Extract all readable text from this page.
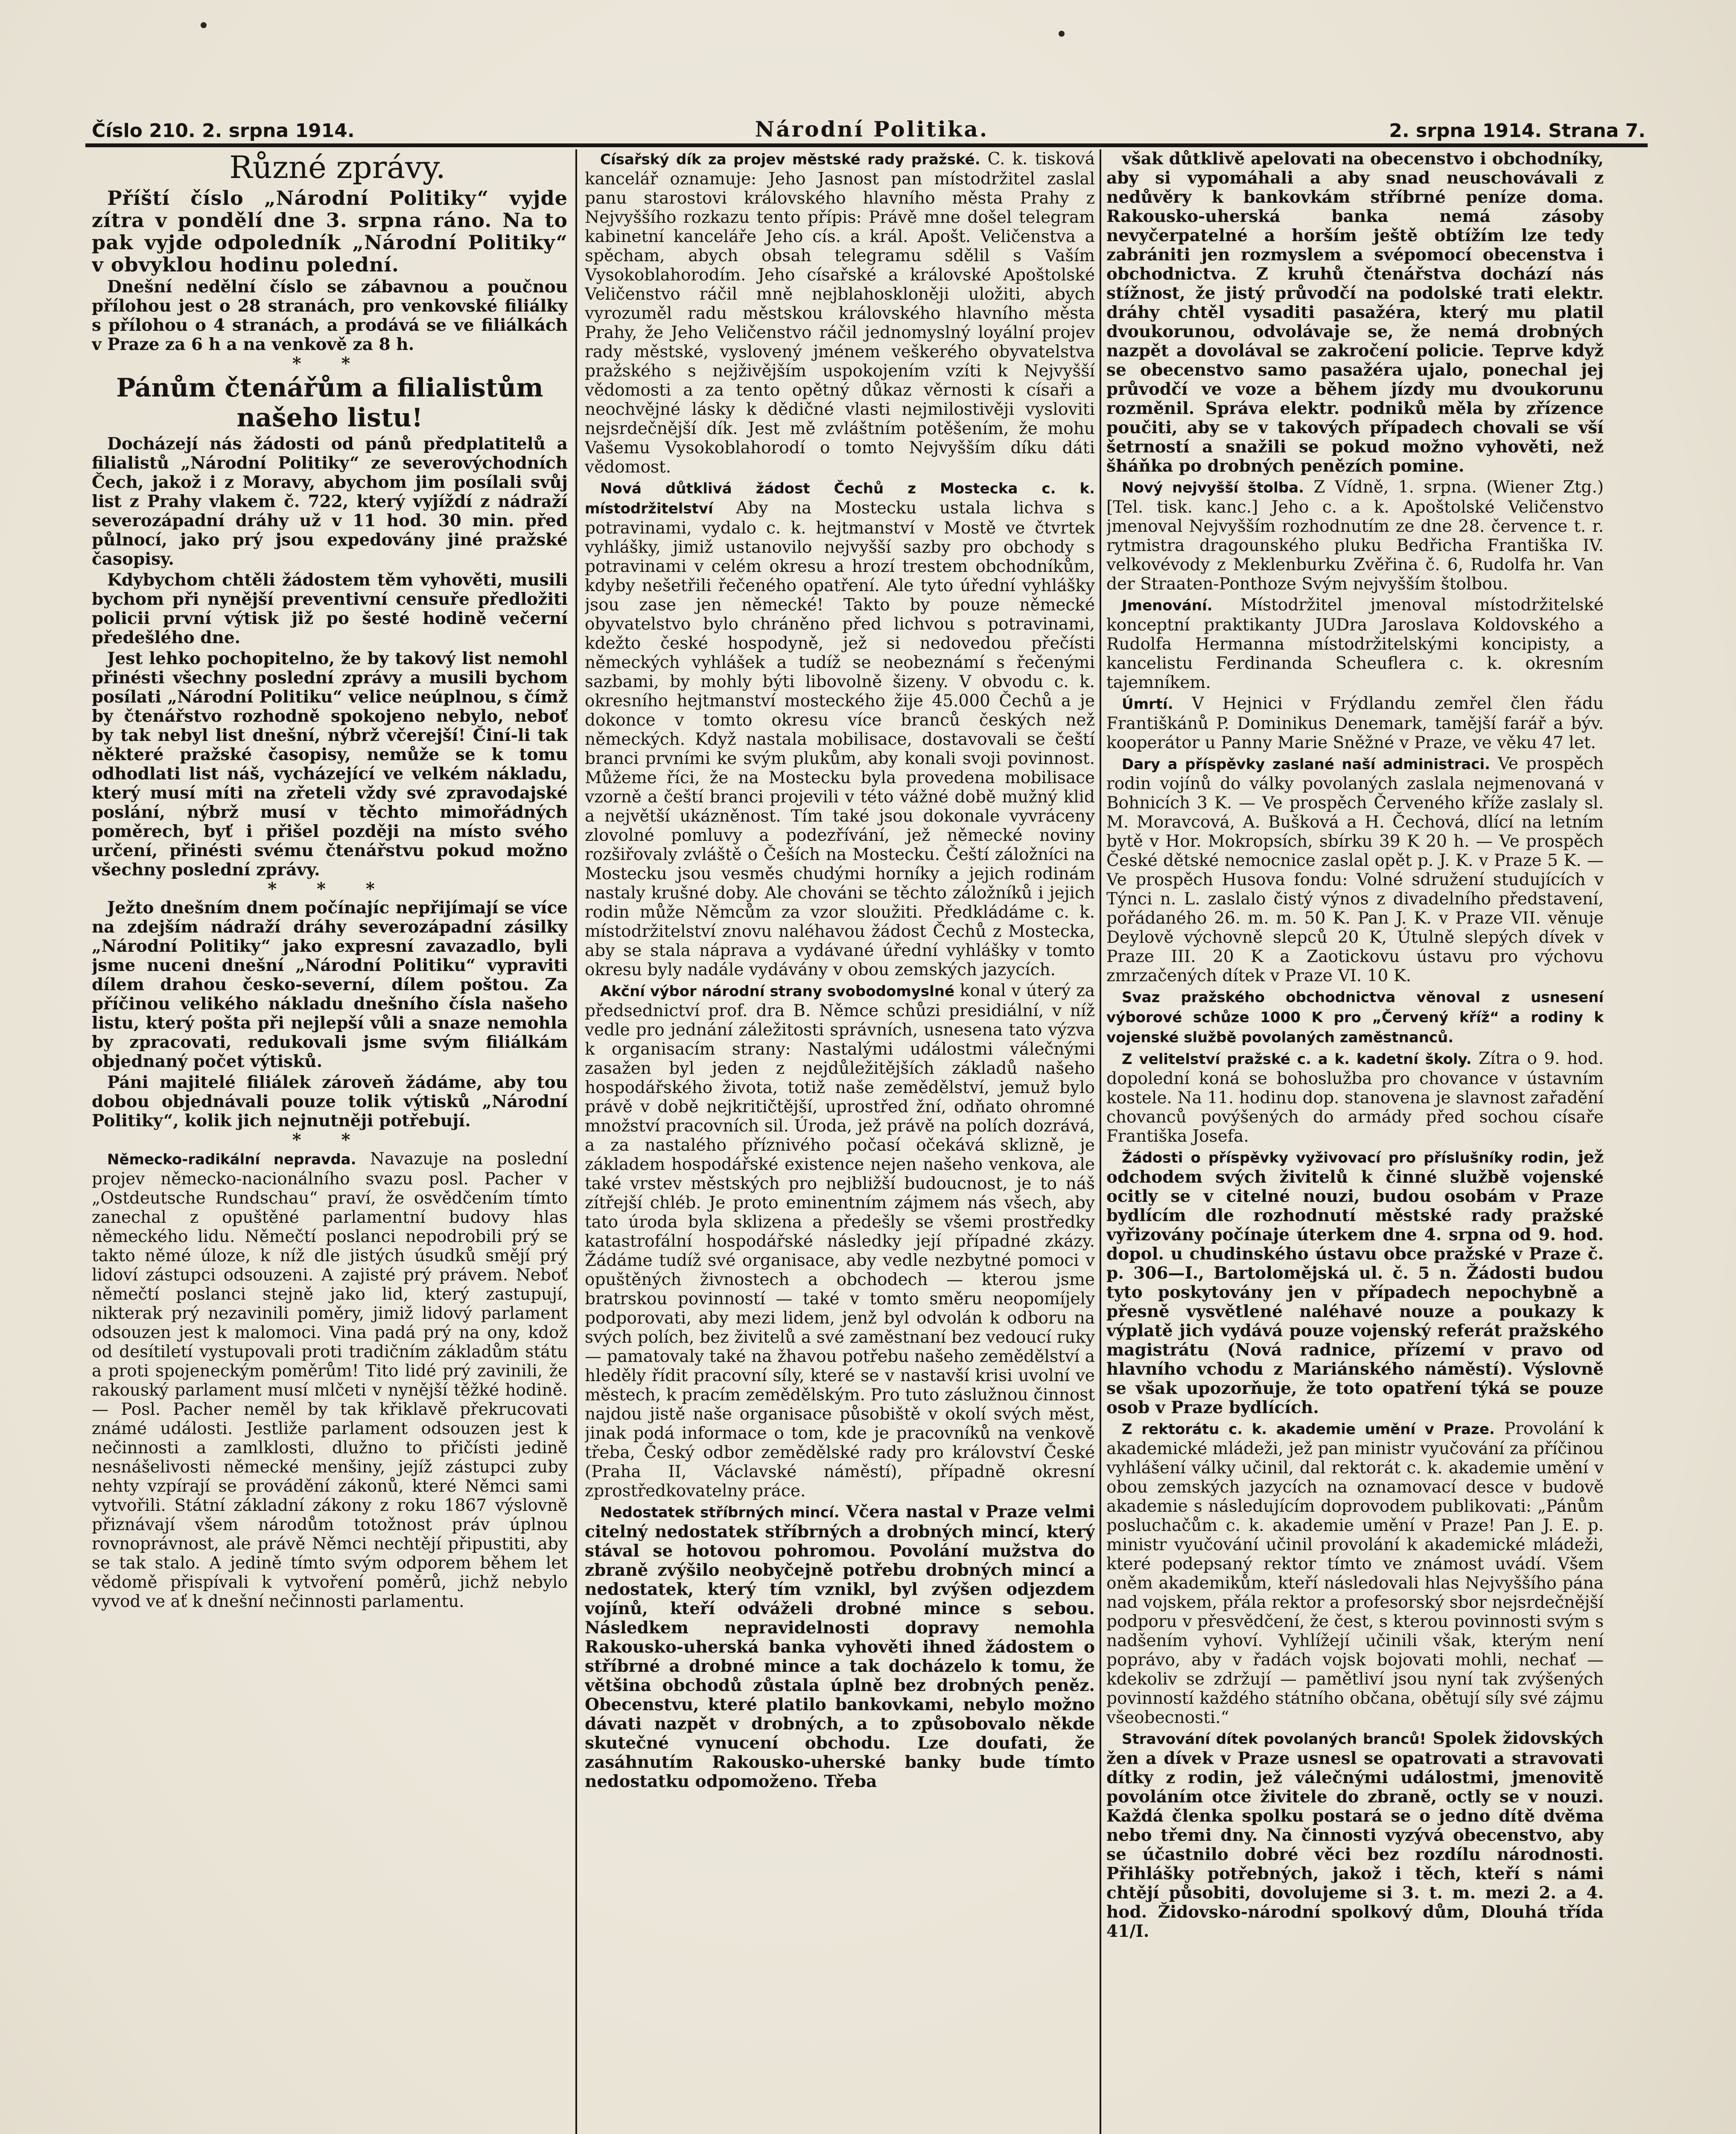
Číslo 210. 2. srpna 1914.	Národní Politika.	2. srpna 1914. Strana 7.

Různé zprávy.

Příští číslo „Národní Politiky“ vyjde zítra v pondělí dne 3. srpna ráno. Na to pak vyjde odpoledník „Národní Politiky“ v obvyklou hodinu polední.

Dnešní nedělní číslo se zábavnou a poučnou přílohou jest o 28 stranách, pro venkovské filiálky s přílohou o 4 stranách, a prodává se ve filiálkách v Praze za 6 h a na venkově za 8 h.

* *

Pánům čtenářům a filialistům našeho listu!

Docházejí nás žádosti od pánů předplatitelů a filialistů „Národní Politiky“ ze severovýchodních Čech, jakož i z Moravy, abychom jim posílali svůj list z Prahy vlakem č. 722, který vyjíždí z nádraží severozápadní dráhy už v 11 hod. 30 min. před půlnocí, jako prý jsou expedovány jiné pražské časopisy.

Kdybychom chtěli žádostem těm vyhověti, musili bychom při nynější preventivní censuře předložiti policii první výtisk již po šesté hodině večerní předešlého dne.

Jest lehko pochopitelno, že by takový list nemohl přinésti všechny poslední zprávy a musili bychom posílati „Národní Politiku“ velice neúplnou, s čímž by čtenářstvo rozhodně spokojeno nebylo, neboť by tak nebyl list dnešní, nýbrž včerejší! Činí-li tak některé pražské časopisy, nemůže se k tomu odhodlati list náš, vycházející ve velkém nákladu, který musí míti na zřeteli vždy své zpravodajské poslání, nýbrž musí v těchto mimořádných poměrech, byť i přišel později na místo svého určení, přinésti svému čtenářstvu pokud možno všechny poslední zprávy.

* * *

Ježto dnešním dnem počínajíc nepřijímají se více na zdejším nádraží dráhy severozápadní zásilky „Národní Politiky“ jako expresní zavazadlo, byli jsme nuceni dnešní „Národní Politiku“ vypraviti dílem drahou česko-severní, dílem poštou. Za příčinou velikého nákladu dnešního čísla našeho listu, který pošta při nejlepší vůli a snaze nemohla by zpracovati, redukovali jsme svým filiálkám objednaný počet výtisků.

Páni majitelé filiálek zároveň žádáme, aby tou dobou objednávali pouze tolik výtisků „Národní Politiky“, kolik jich nejnutněji potřebují.

* *

Německo-radikální nepravda. Navazuje na poslední projev německo-nacionálního svazu posl. Pacher v „Ostdeutsche Rundschau“ praví, že osvědčením tímto zanechal z opuštěné parlamentní budovy hlas německého lidu. Němečtí poslanci nepodrobili prý se takto němé úloze, k níž dle jistých úsudků smějí prý lidoví zástupci odsouzeni. A zajisté prý právem. Neboť němečtí poslanci stejně jako lid, který zastupují, nikterak prý nezavinili poměry, jimiž lidový parlament odsouzen jest k malomoci. Vina padá prý na ony, kdož od desítiletí vystupovali proti tradičním základům státu a proti spojeneckým poměrům! Tito lidé prý zavinili, že rakouský parlament musí mlčeti v nynější těžké hodině. — Posl. Pacher neměl by tak křiklavě překrucovati známé události. Jestliže parlament odsouzen jest k nečinnosti a zamlklosti, dlužno to přičísti jedině nesnášelivosti německé menšiny, jejíž zástupci zuby nehty vzpírají se provádění zákonů, které Němci sami vytvořili. Státní základní zákony z roku 1867 výslovně přiznávají všem národům totožnost práv úplnou rovnoprávnost, ale právě Němci nechtějí připustiti, aby se tak stalo. A jedině tímto svým odporem během let vědomě přispívali k vytvoření poměrů, jichž nebylo vyvod ve ať k dnešní nečinnosti parlamentu.

Císařský dík za projev městské rady pražské. C. k. tisková kancelář oznamuje: Jeho Jasnost pan místodržitel zaslal panu starostovi královského hlavního města Prahy z Nejvyššího rozkazu tento přípis: Právě mne došel telegram kabinetní kanceláře Jeho cís. a král. Apošt. Veličenstva a spěcham, abych obsah telegramu sdělil s Vaším Vysokoblahorodím. Jeho císařské a královské Apoštolské Veličenstvo ráčil mně nejblahoskloněji uložiti, abych vyrozuměl radu městskou královského hlavního města Prahy, že Jeho Veličenstvo ráčil jednomyslný loyální projev rady městské, vyslovený jménem veškerého obyvatelstva pražského s nejživějším uspokojením vzíti k Nejvyšší vědomosti a za tento opětný důkaz věrnosti k císaři a neochvějné lásky k dědičné vlasti nejmilostivěji vysloviti nejsrdečnější dík. Jest mě zvláštním potěšením, že mohu Vašemu Vysokoblahorodí o tomto Nejvyšším díku dáti vědomost.

Nová důtklivá žádost Čechů z Mostecka c. k. místodržitelství Aby na Mostecku ustala lichva s potravinami, vydalo c. k. hejtmanství v Mostě ve čtvrtek vyhlášky, jimiž ustanovilo nejvyšší sazby pro obchody s potravinami v celém okresu a hrozí trestem obchodníkům, kdyby nešetřili řečeného opatření. Ale tyto úřední vyhlášky jsou zase jen německé! Takto by pouze německé obyvatelstvo bylo chráněno před lichvou s potravinami, kdežto české hospodyně, jež si nedovedou přečísti německých vyhlášek a tudíž se neobeznámí s řečenými sazbami, by mohly býti libovolně šizeny. V obvodu c. k. okresního hejtmanství mosteckého žije 45.000 Čechů a je dokonce v tomto okresu více branců českých než německých. Když nastala mobilisace, dostavovali se čeští branci prvními ke svým plukům, aby konali svoji povinnost. Můžeme říci, že na Mostecku byla provedena mobilisace vzorně a čeští branci projevili v této vážné době mužný klid a největší ukázněnost. Tím také jsou dokonale vyvráceny zlovolné pomluvy a podezřívání, jež německé noviny rozšiřovaly zvláště o Češích na Mostecku. Čeští záložníci na Mostecku jsou vesměs chudými horníky a jejich rodinám nastaly krušné doby. Ale chováni se těchto záložníků i jejich rodin může Němcům za vzor sloužiti. Předkládáme c. k. místodržitelství znovu naléhavou žádost Čechů z Mostecka, aby se stala náprava a vydávané úřední vyhlášky v tomto okresu byly nadále vydávány v obou zemských jazycích.

Akční výbor národní strany svobodomyslné konal v úterý za předsednictví prof. dra B. Němce schůzi presidiální, v níž vedle pro jednání záležitosti správních, usnesena tato výzva k organisacím strany: Nastalými událostmi válečnými zasažen byl jeden z nejdůležitějších základů našeho hospodářského života, totiž naše zemědělství, jemuž bylo právě v době nejkritičtější, uprostřed žní, odňato ohromné množství pracovních sil. Úroda, jež právě na polích dozrává, a za nastalého příznivého počasí očekává sklizně, je základem hospodářské existence nejen našeho venkova, ale také vrstev městských pro nejbližší budoucnost, je to náš zítřejší chléb. Je proto eminentním zájmem nás všech, aby tato úroda byla sklizena a předešly se všemi prostředky katastrofální hospodářské následky její případné zkázy. Žádáme tudíž své organisace, aby vedle nezbytné pomoci v opuštěných živnostech a obchodech — kterou jsme bratrskou povinností — také v tomto směru neopomíjely podporovati, aby mezi lidem, jenž byl odvolán k odboru na svých polích, bez živitelů a své zaměstnaní bez vedoucí ruky — pamatovaly také na žhavou potřebu našeho zemědělství a hleděly řídit pracovní síly, které se v nastavší krisi uvolní ve městech, k pracím zemědělským. Pro tuto záslužnou činnost najdou jistě naše organisace působiště v okolí svých měst, jinak podá informace o tom, kde je pracovníků na venkově třeba, Český odbor zemědělské rady pro království České (Praha II, Václavské náměstí), případně okresní zprostředkovatelny práce.

Nedostatek stříbrných mincí. Včera nastal v Praze velmi citelný nedostatek stříbrných a drobných mincí, který stával se hotovou pohromou. Povolání mužstva do zbraně zvýšilo neobyčejně potřebu drobných mincí a nedostatek, který tím vznikl, byl zvýšen odjezdem vojínů, kteří odváželi drobné mince s sebou. Následkem nepravidelnosti dopravy nemohla Rakousko-uherská banka vyhověti ihned žádostem o stříbrné a drobné mince a tak docházelo k tomu, že většina obchodů zůstala úplně bez drobných peněz. Obecenstvu, které platilo bankovkami, nebylo možno dávati nazpět v drobných, a to způsobovalo někde skutečné vynucení obchodu. Lze doufati, že zasáhnutím Rakousko-uherské banky bude tímto nedostatku odpomoženo. Třeba

však důtklivě apelovati na obecenstvo i obchodníky, aby si vypomáhali a aby snad neuschovávali z nedůvěry k bankovkám stříbrné peníze doma. Rakousko-uherská banka nemá zásoby nevyčerpatelné a horším ještě obtížím lze tedy zabrániti jen rozmyslem a svépomocí obecenstva i obchodnictva. Z kruhů čtenářstva dochází nás stížnost, že jistý průvodčí na podolské trati elektr. dráhy chtěl vysaditi pasažéra, který mu platil dvoukorunou, odvolávaje se, že nemá drobných nazpět a dovolával se zakročení policie. Teprve když se obecenstvo samo pasažéra ujalo, ponechal jej průvodčí ve voze a během jízdy mu dvoukorunu rozměnil. Správa elektr. podniků měla by zřízence poučiti, aby se v takových případech chovali se vší šetrností a snažili se pokud možno vyhověti, než šháňka po drobných penězích pomine.

Nový nejvyšší štolba. Z Vídně, 1. srpna. (Wiener Ztg.) [Tel. tisk. kanc.] Jeho c. a k. Apoštolské Veličenstvo jmenoval Nejvyšším rozhodnutím ze dne 28. července t. r. rytmistra dragounského pluku Bedřicha Františka IV. velkovévody z Meklenburku Zvěřina č. 6, Rudolfa hr. Van der Straaten-Ponthoze Svým nejvyšším štolbou.

Jmenování. Místodržitel jmenoval místodržitelské konceptní praktikanty JUDra Jaroslava Koldovského a Rudolfa Hermanna místodržitelskými koncipisty, a kancelistu Ferdinanda Scheuflera c. k. okresním tajemníkem.

Úmrtí. V Hejnici v Frýdlandu zemřel člen řádu Františkánů P. Dominikus Denemark, tamější farář a býv. kooperátor u Panny Marie Sněžné v Praze, ve věku 47 let.

Dary a příspěvky zaslané naší administraci. Ve prospěch rodin vojínů do války povolaných zaslala nejmenovaná v Bohnicích 3 K. — Ve prospěch Červeného kříže zaslaly sl. M. Moravcová, A. Bušková a H. Čechová, dlící na letním bytě v Hor. Mokropsích, sbírku 39 K 20 h. — Ve prospěch České dětské nemocnice zaslal opět p. J. K. v Praze 5 K. — Ve prospěch Husova fondu: Volné sdružení studujících v Týnci n. L. zaslalo čistý výnos z divadelního představení, pořádaného 26. m. m. 50 K. Pan J. K. v Praze VII. věnuje Deylově výchovně slepců 20 K, Útulně slepých dívek v Praze III. 20 K a Zaotickovu ústavu pro výchovu zmrzačených dítek v Praze VI. 10 K.

Svaz pražského obchodnictva věnoval z usnesení výborové schůze 1000 K pro „Červený kříž“ a rodiny k vojenské službě povolaných zaměstnanců.

Z velitelství pražské c. a k. kadetní školy. Zítra o 9. hod. dopolední koná se bohoslužba pro chovance v ústavním kostele. Na 11. hodinu dop. stanovena je slavnost zařadění chovanců povýšených do armády před sochou císaře Františka Josefa.

Žádosti o příspěvky vyživovací pro příslušníky rodin, jež odchodem svých živitelů k činné službě vojenské ocitly se v citelné nouzi, budou osobám v Praze bydlícím dle rozhodnutí městské rady pražské vyřizovány počínaje úterkem dne 4. srpna od 9. hod. dopol. u chudinského ústavu obce pražské v Praze č. p. 306—I., Bartolomějská ul. č. 5 n. Žádosti budou tyto poskytovány jen v případech nepochybně a přesně vysvětlené naléhavé nouze a poukazy k výplatě jich vydává pouze vojenský referát pražského magistrátu (Nová radnice, přízemí v pravo od hlavního vchodu z Mariánského náměstí). Výslovně se však upozorňuje, že toto opatření týká se pouze osob v Praze bydlících.

Z rektorátu c. k. akademie umění v Praze. Provolání k akademické mládeži, jež pan ministr vyučování za příčinou vyhlášení války učinil, dal rektorát c. k. akademie umění v obou zemských jazycích na oznamovací desce v budově akademie s následujícím doprovodem publikovati: „Pánům posluchačům c. k. akademie umění v Praze! Pan J. E. p. ministr vyučování učinil provolání k akademické mládeži, které podepsaný rektor tímto ve známost uvádí. Všem oněm akademikům, kteří následovali hlas Nejvyššího pána nad vojskem, přála rektor a profesorský sbor nejsrdečnější podporu v přesvědčení, že čest, s kterou povinnosti svým s nadšením vyhoví. Vyhlížejí učinili však, kterým není poprávo, aby v řadách vojsk bojovati mohli, nechať — kdekoliv se zdržují — pamětliví jsou nyní tak zvýšených povinností každého státního občana, obětují síly své zájmu všeobecnosti.“

Stravování dítek povolaných branců! Spolek židovských žen a dívek v Praze usnesl se opatrovati a stravovati dítky z rodin, jež válečnými událostmi, jmenovitě povoláním otce živitele do zbraně, octly se v nouzi. Každá členka spolku postará se o jedno dítě dvěma nebo třemi dny. Na činnosti vyzývá obecenstvo, aby se účastnilo dobré věci bez rozdílu národnosti. Přihlášky potřebných, jakož i těch, kteří s námi chtějí působiti, dovolujeme si 3. t. m. mezi 2. a 4. hod. Židovsko-národní spolkový dům, Dlouhá třída 41/I.
